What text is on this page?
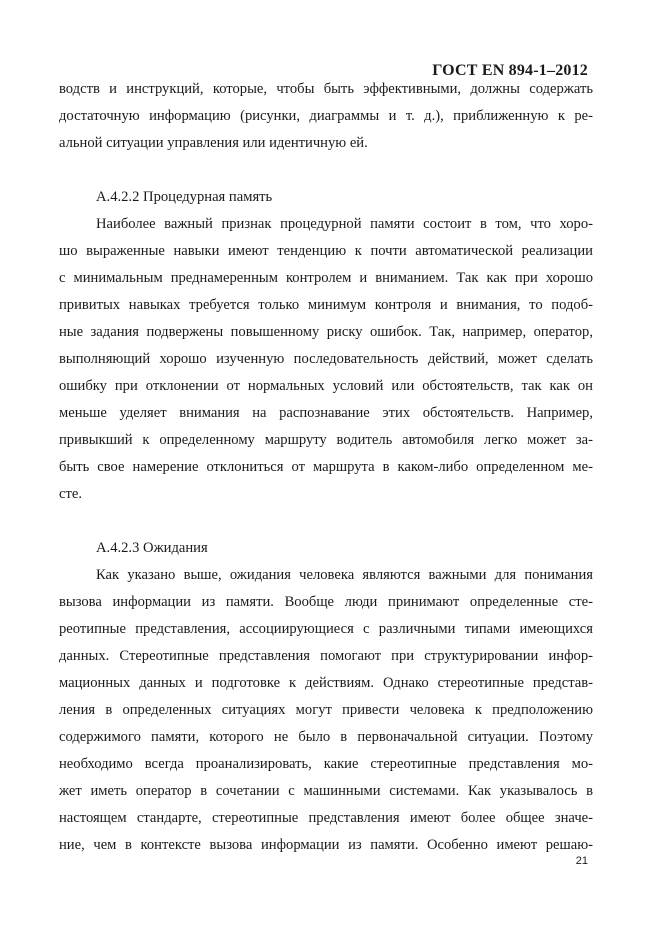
ГОСТ EN 894-1–2012
водств и инструкций, которые, чтобы быть эффективными, должны содержать
достаточную информацию (рисунки, диаграммы и т. д.), приближенную к ре-
альной ситуации управления или идентичную ей.
A.4.2.2 Процедурная память
Наиболее важный признак процедурной памяти состоит в том, что хоро-
шо выраженные навыки имеют тенденцию к почти автоматической реализации
с минимальным преднамеренным контролем и вниманием. Так как при хорошо
привитых навыках требуется только минимум контроля и внимания, то подоб-
ные задания подвержены повышенному риску ошибок. Так, например, оператор,
выполняющий хорошо изученную последовательность действий, может сделать
ошибку при отклонении от нормальных условий или обстоятельств, так как он
меньше уделяет внимания на распознавание этих обстоятельств. Например,
привыкший к определенному маршруту водитель автомобиля легко может за-
быть свое намерение отклониться от маршрута в каком-либо определенном ме-
сте.
A.4.2.3 Ожидания
Как указано выше, ожидания человека являются важными для понимания
вызова информации из памяти. Вообще люди принимают определенные сте-
реотипные представления, ассоциирующиеся с различными типами имеющихся
данных. Стереотипные представления помогают при структурировании инфор-
мационных данных и подготовке к действиям. Однако стереотипные представ-
ления в определенных ситуациях могут привести человека к предположению
содержимого памяти, которого не было в первоначальной ситуации. Поэтому
необходимо всегда проанализировать, какие стереотипные представления мо-
жет иметь оператор в сочетании с машинными системами. Как указывалось в
настоящем стандарте, стереотипные представления имеют более общее значе-
ние, чем в контексте вызова информации из памяти. Особенно имеют решаю-
21
